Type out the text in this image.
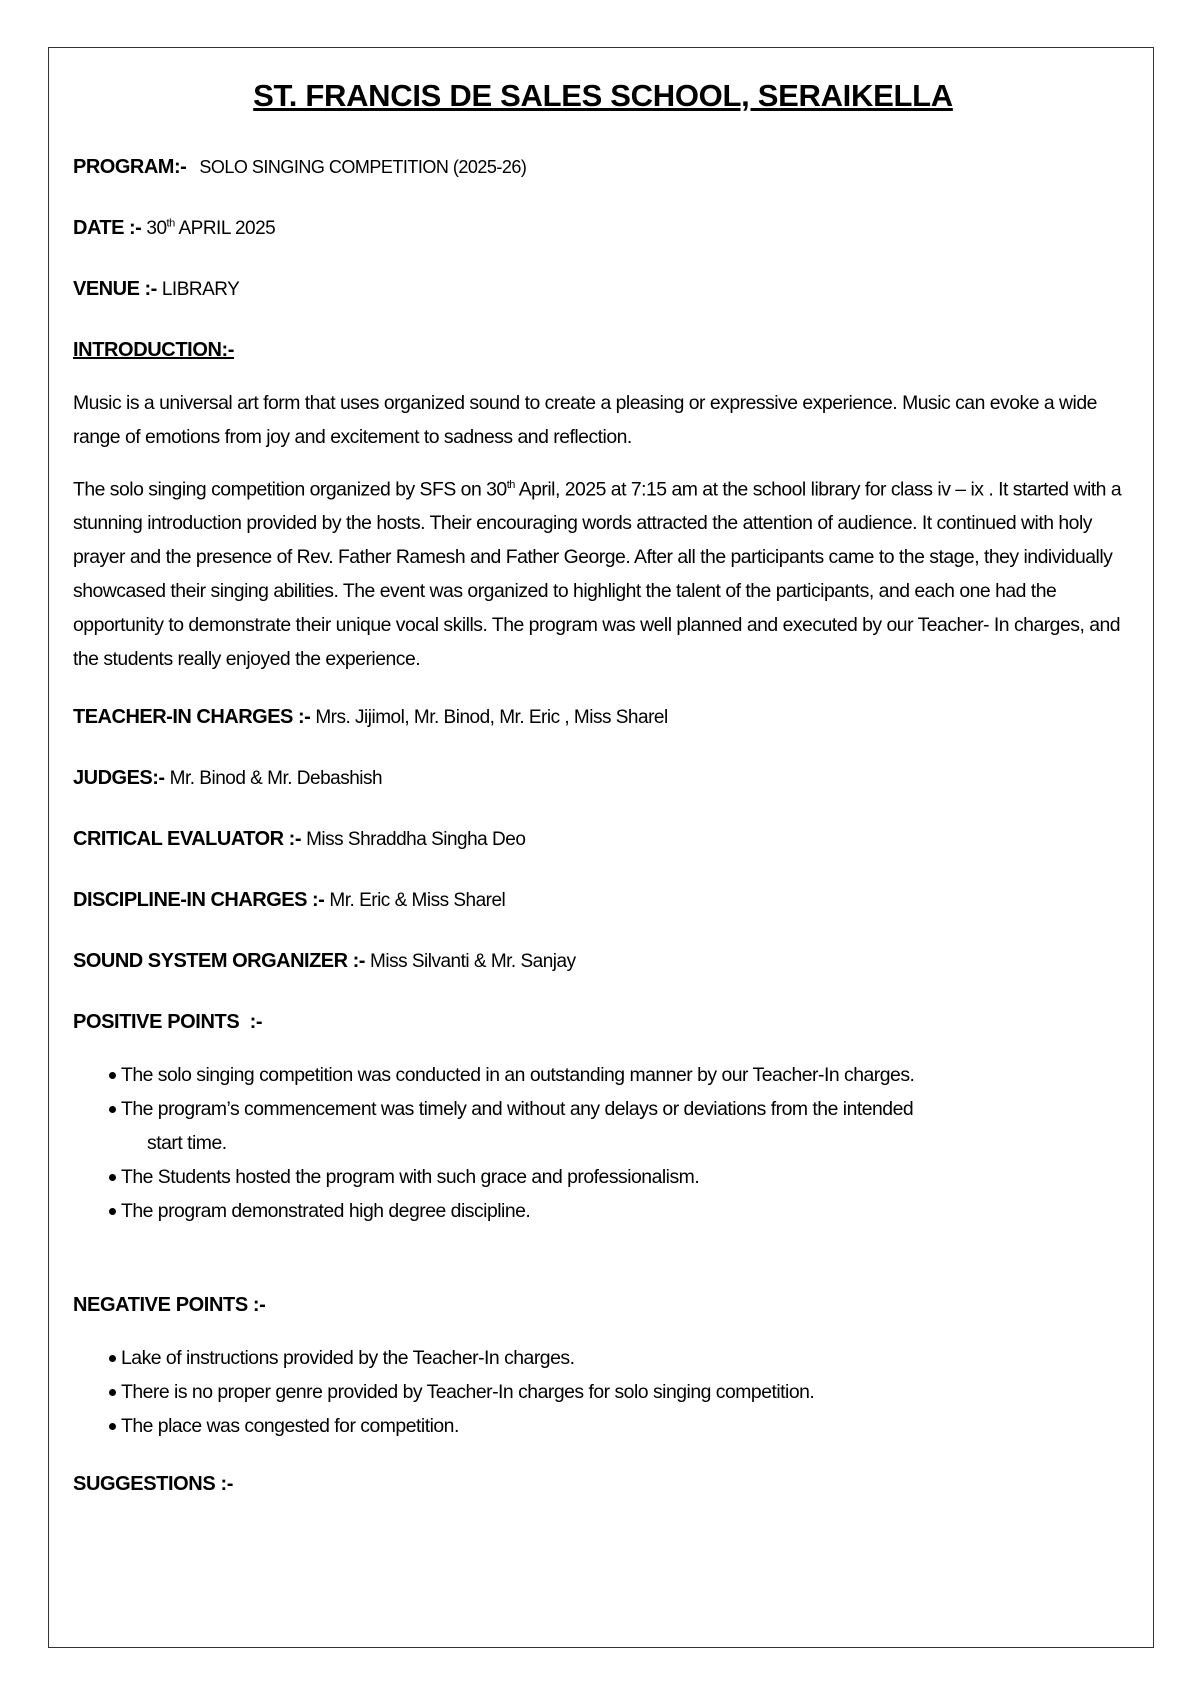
ST. FRANCIS DE SALES SCHOOL, SERAIKELLA
PROGRAM:- SOLO SINGING COMPETITION (2025-26)
DATE :- 30th APRIL 2025
VENUE :- LIBRARY
INTRODUCTION:-

Music is a universal art form that uses organized sound to create a pleasing or expressive experience. Music can evoke a wide range of emotions from joy and excitement to sadness and reflection.

The solo singing competition organized by SFS on 30th April, 2025 at 7:15 am at the school library for class iv – ix . It started with a stunning introduction provided by the hosts. Their encouraging words attracted the attention of audience. It continued with holy prayer and the presence of Rev. Father Ramesh and Father George. After all the participants came to the stage, they individually showcased their singing abilities. The event was organized to highlight the talent of the participants, and each one had the opportunity to demonstrate their unique vocal skills. The program was well planned and executed by our Teacher- In charges, and the students really enjoyed the experience.

TEACHER-IN CHARGES :- Mrs. Jijimol, Mr. Binod, Mr. Eric , Miss Sharel
JUDGES:- Mr. Binod & Mr. Debashish
CRITICAL EVALUATOR :- Miss Shraddha Singha Deo
DISCIPLINE-IN CHARGES :- Mr. Eric & Miss Sharel
SOUND SYSTEM ORGANIZER :- Miss Silvanti & Mr. Sanjay
POSITIVE POINTS  :-
The solo singing competition was conducted in an outstanding manner by our Teacher-In charges.
The program’s commencement was timely and without any delays or deviations from the intended
start time.
The Students hosted the program with such grace and professionalism.
The program demonstrated high degree discipline.
NEGATIVE POINTS :-
Lake of instructions provided by the Teacher-In charges.
There is no proper genre provided by Teacher-In charges for solo singing competition.
The place was congested for competition.
SUGGESTIONS :-
